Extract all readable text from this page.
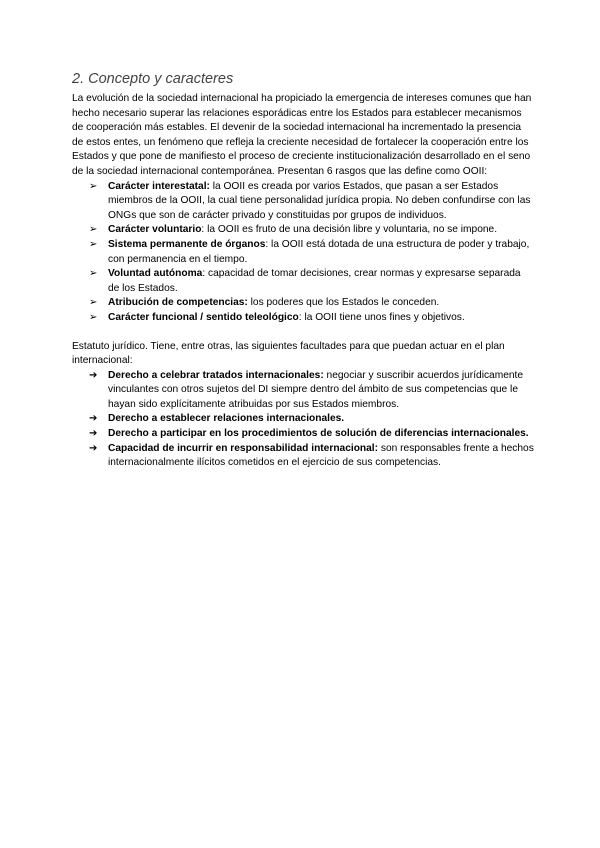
2. Concepto y caracteres

La evolución de la sociedad internacional ha propiciado la emergencia de intereses comunes que han hecho necesario superar las relaciones esporádicas entre los Estados para establecer mecanismos de cooperación más estables. El devenir de la sociedad internacional ha incrementado la presencia de estos entes, un fenómeno que refleja la creciente necesidad de fortalecer la cooperación entre los Estados y que pone de manifiesto el proceso de creciente institucionalización desarrollado en el seno de la sociedad internacional contemporánea. Presentan 6 rasgos que las define como OOII:

➢ Carácter interestatal: la OOII es creada por varios Estados, que pasan a ser Estados miembros de la OOII, la cual tiene personalidad jurídica propia. No deben confundirse con las ONGs que son de carácter privado y constituidas por grupos de individuos.
➢ Carácter voluntario: la OOII es fruto de una decisión libre y voluntaria, no se impone.
➢ Sistema permanente de órganos: la OOII está dotada de una estructura de poder y trabajo, con permanencia en el tiempo.
➢ Voluntad autónoma: capacidad de tomar decisiones, crear normas y expresarse separada de los Estados.
➢ Atribución de competencias: los poderes que los Estados le conceden.
➢ Carácter funcional / sentido teleológico: la OOII tiene unos fines y objetivos.

Estatuto jurídico. Tiene, entre otras, las siguientes facultades para que puedan actuar en el plan internacional:

➔ Derecho a celebrar tratados internacionales: negociar y suscribir acuerdos jurídicamente vinculantes con otros sujetos del DI siempre dentro del ámbito de sus competencias que le hayan sido explícitamente atribuidas por sus Estados miembros.
➔ Derecho a establecer relaciones internacionales.
➔ Derecho a participar en los procedimientos de solución de diferencias internacionales.
➔ Capacidad de incurrir en responsabilidad internacional: son responsables frente a hechos internacionalmente ilícitos cometidos en el ejercicio de sus competencias.
